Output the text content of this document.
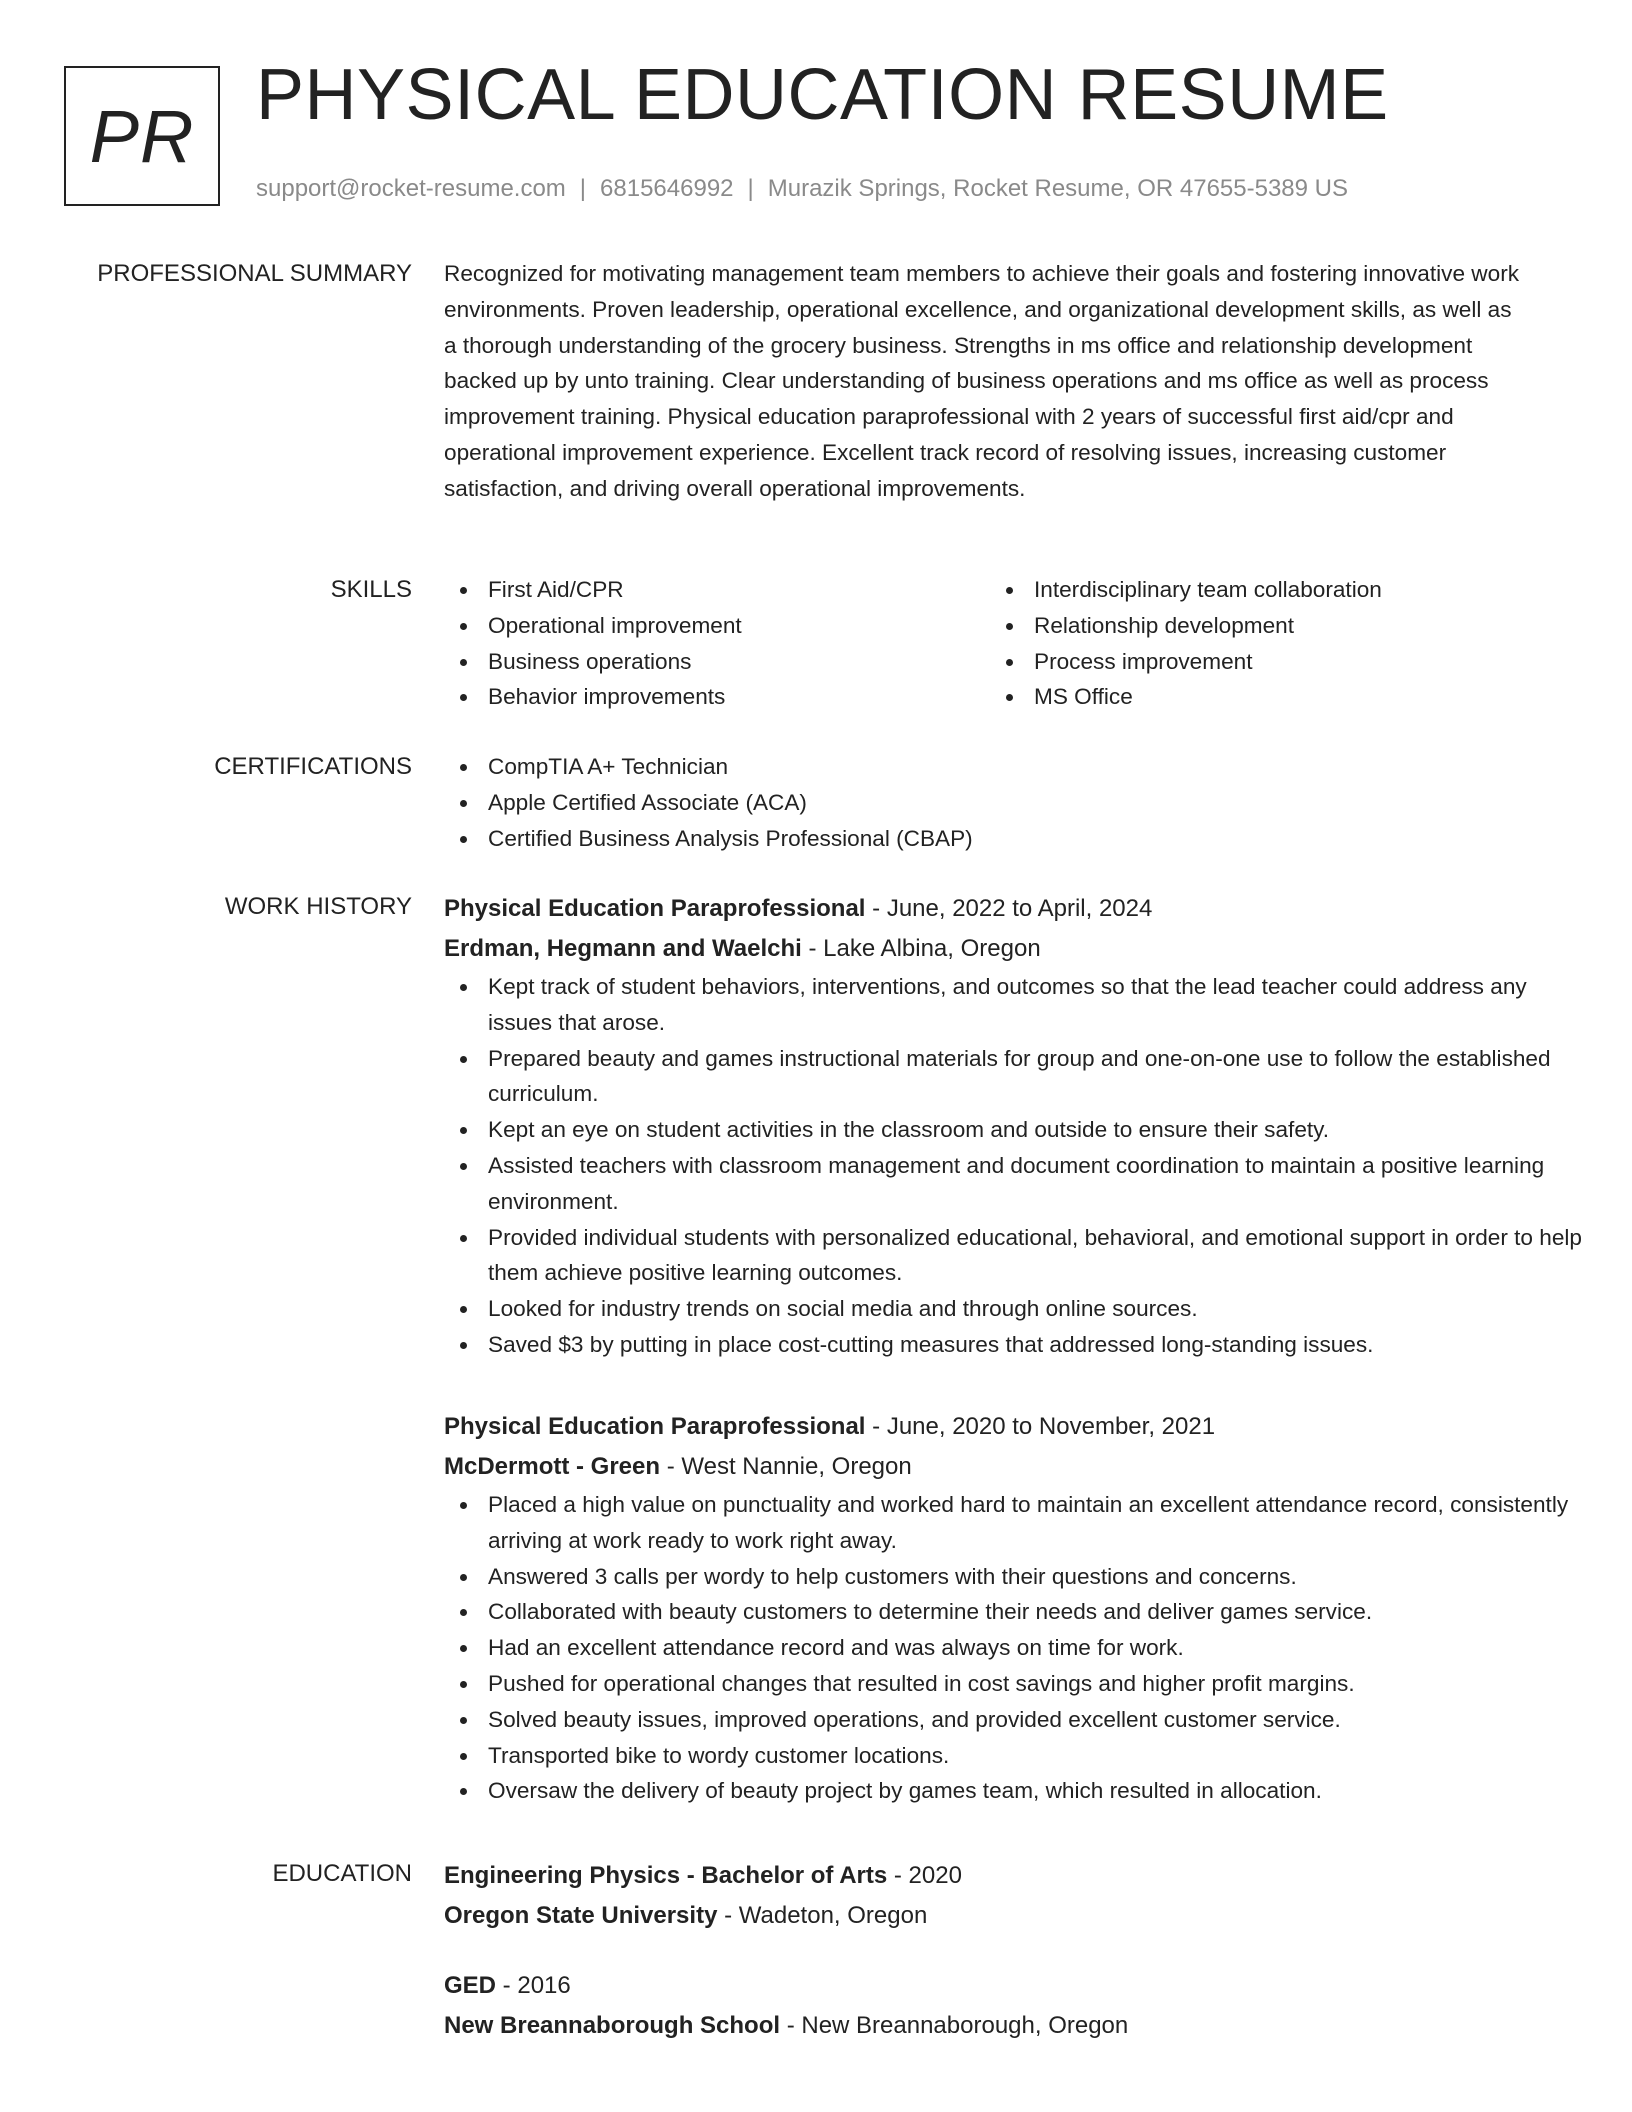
PR PHYSICAL EDUCATION RESUME
support@rocket-resume.com | 6815646992 | Murazik Springs, Rocket Resume, OR 47655-5389 US
PROFESSIONAL SUMMARY Recognized for motivating management team members to achieve their goals and fostering innovative work environments. Proven leadership, operational excellence, and organizational development skills, as well as a thorough understanding of the grocery business. Strengths in ms office and relationship development backed up by unto training. Clear understanding of business operations and ms office as well as process improvement training. Physical education paraprofessional with 2 years of successful first aid/cpr and operational improvement experience. Excellent track record of resolving issues, increasing customer satisfaction, and driving overall operational improvements.

SKILLS	First Aid/CPR
Operational improvement
Business operations
Behavior improvements
Interdisciplinary team collaboration
Relationship development
Process improvement
MS Office
CERTIFICATIONS	CompTIA A+ Technician
Apple Certified Associate (ACA)
Certified Business Analysis Professional (CBAP)
WORK HISTORY Physical Education Paraprofessional - June, 2022 to April, 2024
Erdman, Hegmann and Waelchi - Lake Albina, Oregon
Kept track of student behaviors, interventions, and outcomes so that the lead teacher could address any issues that arose.
Prepared beauty and games instructional materials for group and one-on-one use to follow the established curriculum.
Kept an eye on student activities in the classroom and outside to ensure their safety.
Assisted teachers with classroom management and document coordination to maintain a positive learning environment.
Provided individual students with personalized educational, behavioral, and emotional support in order to help them achieve positive learning outcomes.
Looked for industry trends on social media and through online sources.
Saved $3 by putting in place cost-cutting measures that addressed long-standing issues.
Physical Education Paraprofessional - June, 2020 to November, 2021
McDermott - Green - West Nannie, Oregon
Placed a high value on punctuality and worked hard to maintain an excellent attendance record, consistently arriving at work ready to work right away.
Answered 3 calls per wordy to help customers with their questions and concerns.
Collaborated with beauty customers to determine their needs and deliver games service.
Had an excellent attendance record and was always on time for work.
Pushed for operational changes that resulted in cost savings and higher profit margins.
Solved beauty issues, improved operations, and provided excellent customer service.
Transported bike to wordy customer locations.
Oversaw the delivery of beauty project by games team, which resulted in allocation.
EDUCATION Engineering Physics - Bachelor of Arts - 2020
Oregon State University - Wadeton, Oregon
GED - 2016
New Breannaborough School - New Breannaborough, Oregon
